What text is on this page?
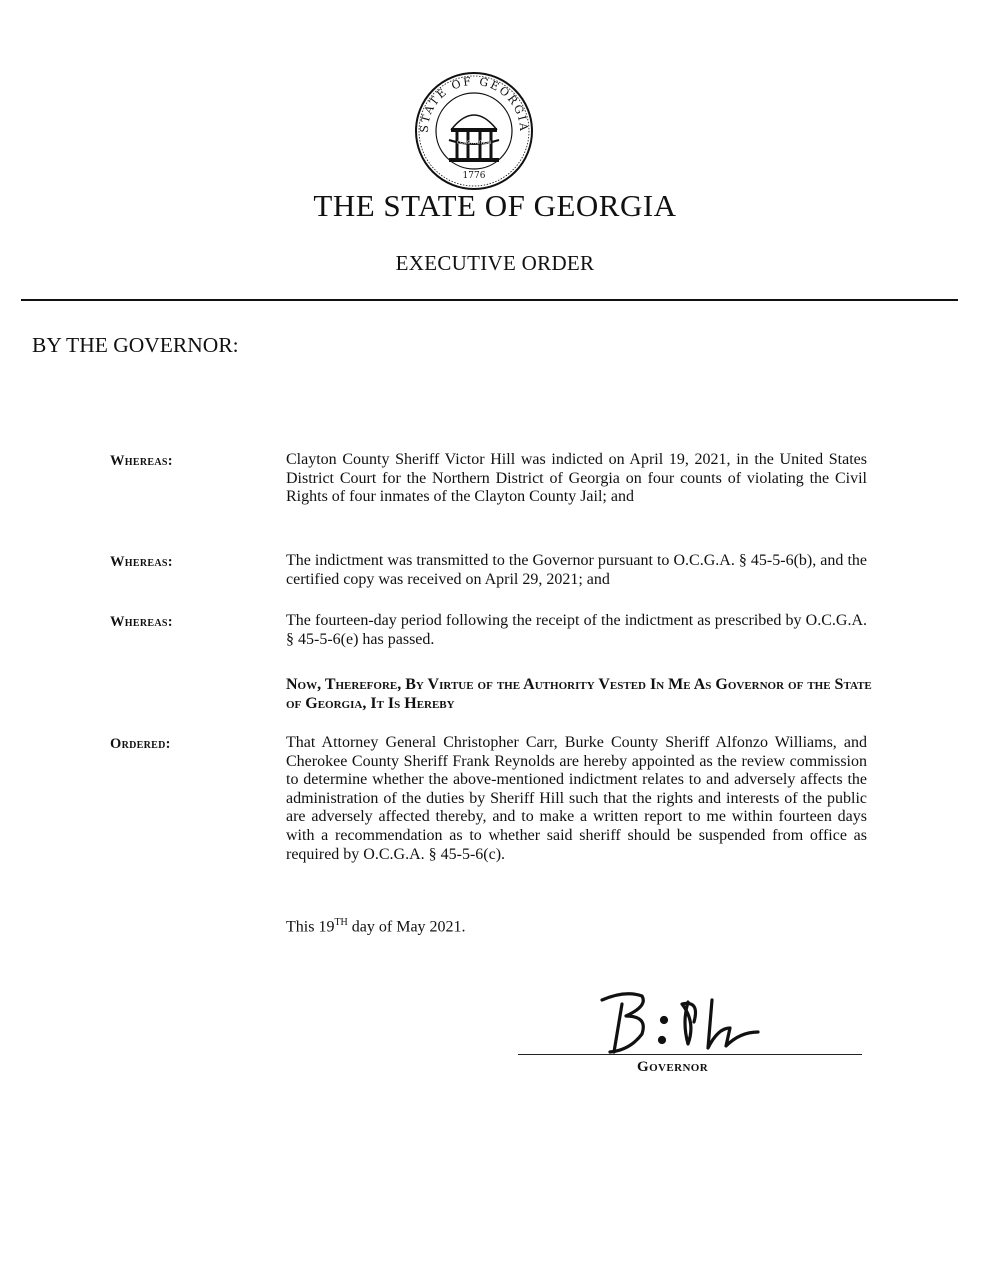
STATE OF GEORGIA
CONSTITUTION
1776
THE STATE OF GEORGIA
EXECUTIVE ORDER
BY THE GOVERNOR:
Whereas:	Clayton County Sheriff Victor Hill was indicted on April 19, 2021, in the United States District Court for the Northern District of Georgia on four counts of violating the Civil Rights of four inmates of the Clayton County Jail; and
Whereas:	The indictment was transmitted to the Governor pursuant to O.C.G.A. § 45-5-6(b), and the certified copy was received on April 29, 2021; and
Whereas:	The fourteen-day period following the receipt of the indictment as prescribed by O.C.G.A. § 45-5-6(e) has passed.
Now, Therefore, By Virtue of the Authority Vested In Me As Governor of the State of Georgia, It Is Hereby
Ordered:	That Attorney General Christopher Carr, Burke County Sheriff Alfonzo Williams, and Cherokee County Sheriff Frank Reynolds are hereby appointed as the review commission to determine whether the above-mentioned indictment relates to and adversely affects the administration of the duties by Sheriff Hill such that the rights and interests of the public are adversely affected thereby, and to make a written report to me within fourteen days with a recommendation as to whether said sheriff should be suspended from office as required by O.C.G.A. § 45-5-6(c).
This 19TH day of May 2021.
Governor
